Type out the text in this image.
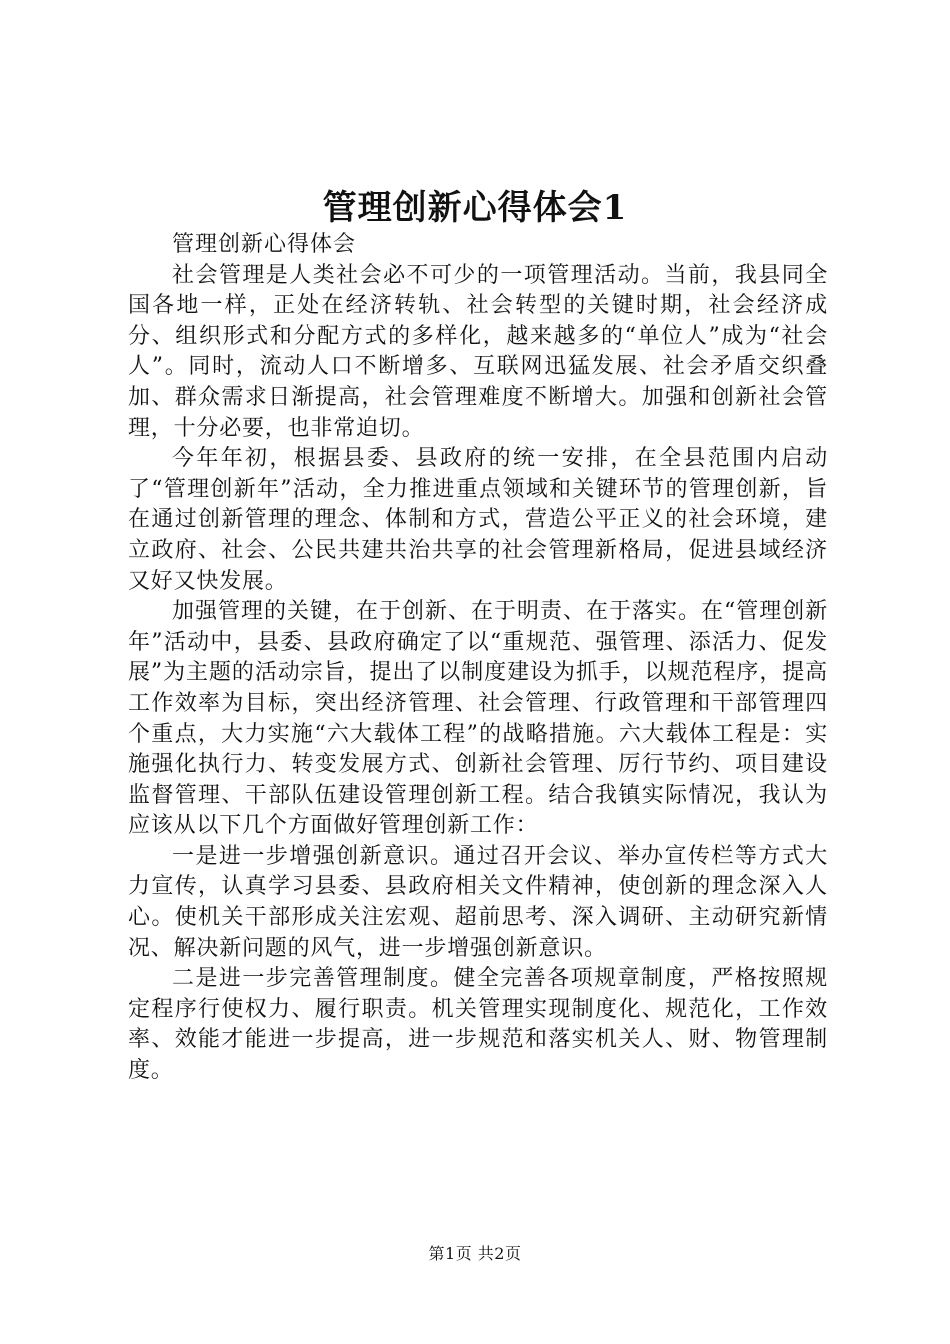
管理创新心得体会1

管理创新心得体会

社会管理是人类社会必不可少的一项管理活动。当前，我县同全国各地一样，正处在经济转轨、社会转型的关键时期，社会经济成分、组织形式和分配方式的多样化，越来越多的“单位人”成为“社会人”。同时，流动人口不断增多、互联网迅猛发展、社会矛盾交织叠加、群众需求日渐提高，社会管理难度不断增大。加强和创新社会管理，十分必要，也非常迫切。

今年年初，根据县委、县政府的统一安排，在全县范围内启动了“管理创新年”活动，全力推进重点领域和关键环节的管理创新，旨在通过创新管理的理念、体制和方式，营造公平正义的社会环境，建立政府、社会、公民共建共治共享的社会管理新格局，促进县域经济又好又快发展。

加强管理的关键，在于创新、在于明责、在于落实。在“管理创新年”活动中，县委、县政府确定了以“重规范、强管理、添活力、促发展”为主题的活动宗旨，提出了以制度建设为抓手，以规范程序，提高工作效率为目标，突出经济管理、社会管理、行政管理和干部管理四个重点，大力实施“六大载体工程”的战略措施。六大载体工程是：实施强化执行力、转变发展方式、创新社会管理、厉行节约、项目建设监督管理、干部队伍建设管理创新工程。结合我镇实际情况，我认为应该从以下几个方面做好管理创新工作：

一是进一步增强创新意识。通过召开会议、举办宣传栏等方式大力宣传，认真学习县委、县政府相关文件精神，使创新的理念深入人心。使机关干部形成关注宏观、超前思考、深入调研、主动研究新情况、解决新问题的风气，进一步增强创新意识。

二是进一步完善管理制度。健全完善各项规章制度，严格按照规定程序行使权力、履行职责。机关管理实现制度化、规范化，工作效率、效能才能进一步提高，进一步规范和落实机关人、财、物管理制度。

第1页 共2页
